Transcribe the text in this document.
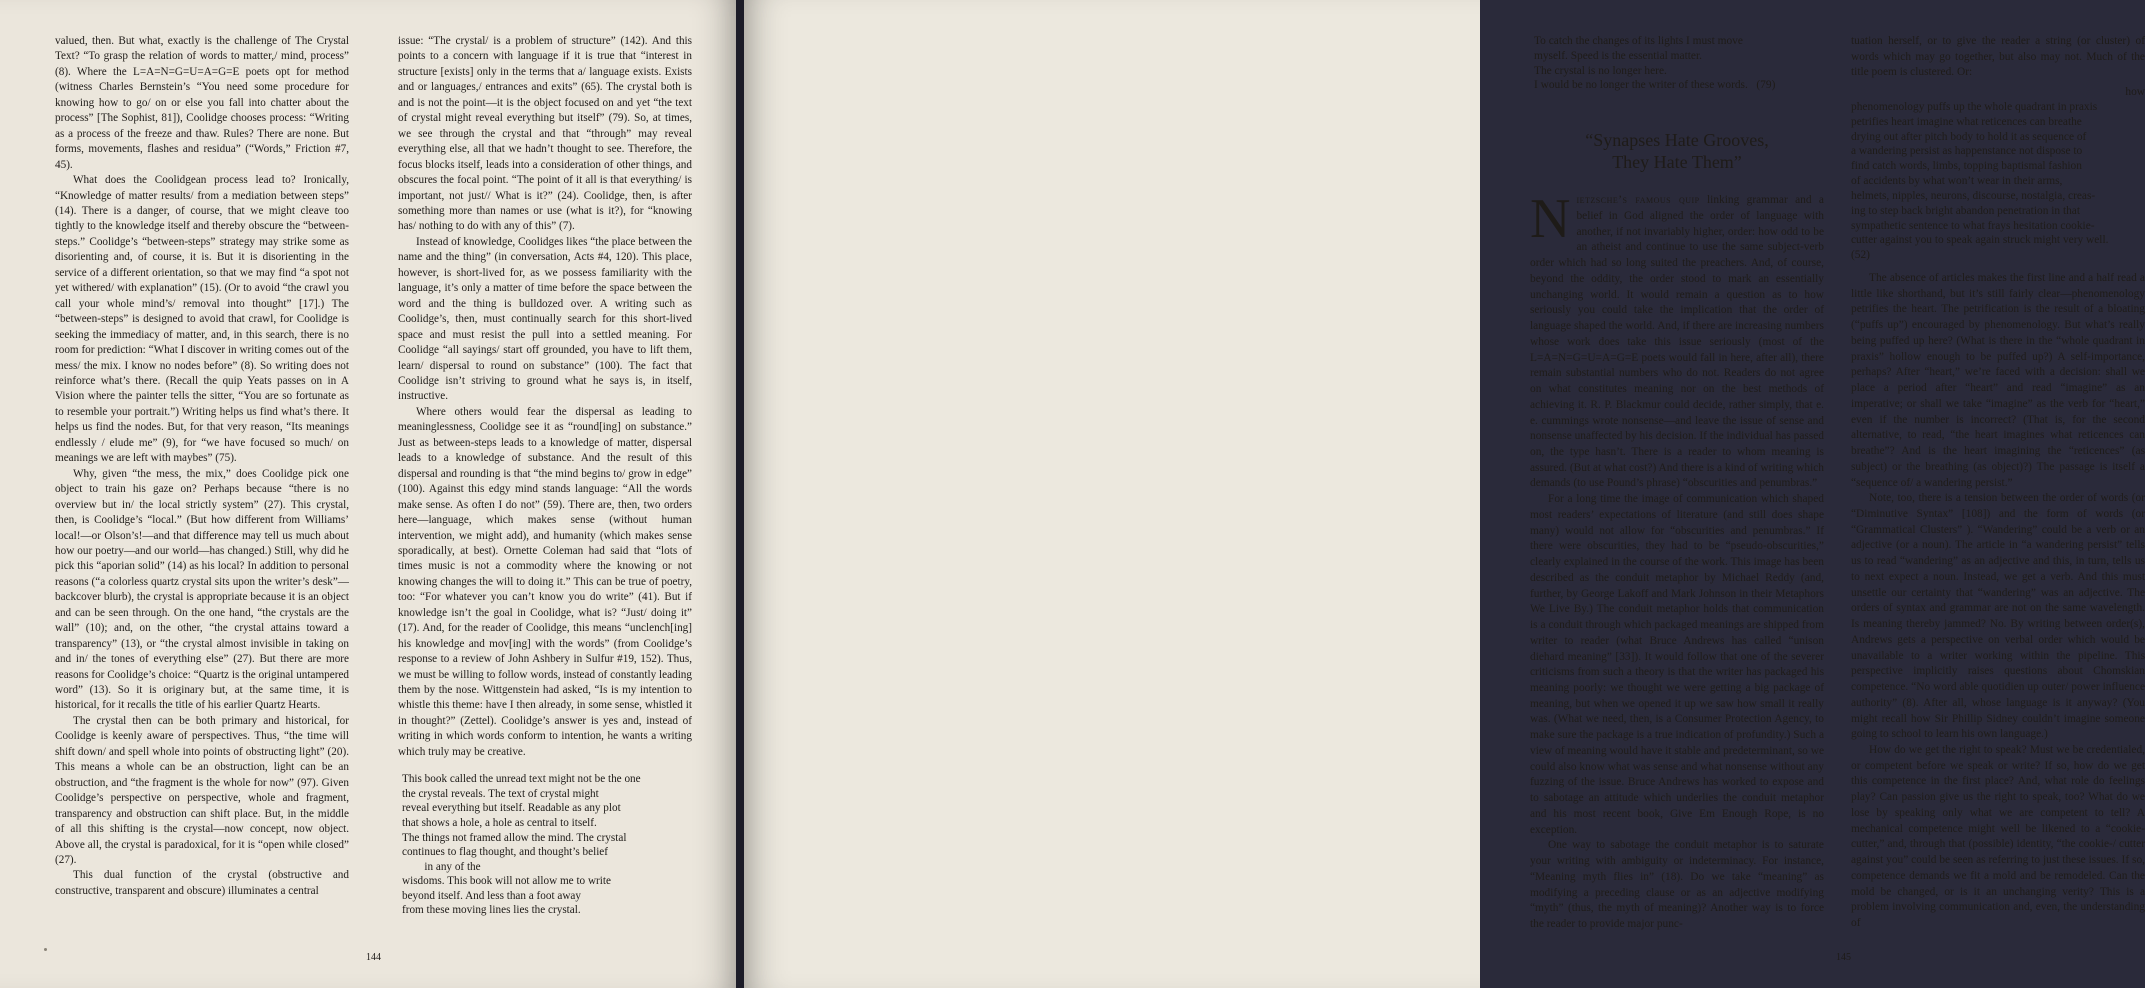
valued, then. But what, exactly is the challenge of The Crystal Text? “To grasp the relation of words to matter,/ mind, process” (8). Where the L=A=N=G=U=A=G=E poets opt for method (witness Charles Bernstein’s “You need some procedure for knowing how to go/ on or else you fall into chatter about the process” [The Sophist, 81]), Coolidge chooses process: “Writing as a process of the freeze and thaw. Rules? There are none. But forms, movements, flashes and residua” (“Words,” Friction #7, 45).

What does the Coolidgean process lead to? Ironically, “Knowledge of matter results/ from a mediation between steps” (14). There is a danger, of course, that we might cleave too tightly to the knowledge itself and thereby obscure the “between-steps.” Coolidge’s “between-steps” strategy may strike some as disorienting and, of course, it is. But it is disorienting in the service of a different orientation, so that we may find “a spot not yet withered/ with explanation” (15). (Or to avoid “the crawl you call your whole mind’s/ removal into thought” [17].) The “between-steps” is designed to avoid that crawl, for Coolidge is seeking the immediacy of matter, and, in this search, there is no room for prediction: “What I discover in writing comes out of the mess/ the mix. I know no nodes before” (8). So writing does not reinforce what’s there. (Recall the quip Yeats passes on in A Vision where the painter tells the sitter, “You are so fortunate as to resemble your portrait.”) Writing helps us find what’s there. It helps us find the nodes. But, for that very reason, “Its meanings endlessly / elude me” (9), for “we have focused so much/ on meanings we are left with maybes” (75).

Why, given “the mess, the mix,” does Coolidge pick one object to train his gaze on? Perhaps because “there is no overview but in/ the local strictly system” (27). This crystal, then, is Coolidge’s “local.” (But how different from Williams’ local!—or Olson’s!—and that difference may tell us much about how our poetry—and our world—has changed.) Still, why did he pick this “aporian solid” (14) as his local? In addition to personal reasons (“a colorless quartz crystal sits upon the writer’s desk”—backcover blurb), the crystal is appropriate because it is an object and can be seen through. On the one hand, “the crystals are the wall” (10); and, on the other, “the crystal attains toward a transparency” (13), or “the crystal almost invisible in taking on and in/ the tones of everything else” (27). But there are more reasons for Coolidge’s choice: “Quartz is the original untampered word” (13). So it is originary but, at the same time, it is historical, for it recalls the title of his earlier Quartz Hearts.

The crystal then can be both primary and historical, for Coolidge is keenly aware of perspectives. Thus, “the time will shift down/ and spell whole into points of obstructing light” (20). This means a whole can be an obstruction, light can be an obstruction, and “the fragment is the whole for now” (97). Given Coolidge’s perspective on perspective, whole and fragment, transparency and obstruction can shift place. But, in the middle of all this shifting is the crystal—now concept, now object. Above all, the crystal is paradoxical, for it is “open while closed” (27).

This dual function of the crystal (obstructive and constructive, transparent and obscure) illuminates a central

issue: “The crystal/ is a problem of structure” (142). And this points to a concern with language if it is true that “interest in structure [exists] only in the terms that a/ language exists. Exists and or languages,/ entrances and exits” (65). The crystal both is and is not the point—it is the object focused on and yet “the text of crystal might reveal everything but itself” (79). So, at times, we see through the crystal and that “through” may reveal everything else, all that we hadn’t thought to see. Therefore, the focus blocks itself, leads into a consideration of other things, and obscures the focal point. “The point of it all is that everything/ is important, not just// What is it?” (24). Coolidge, then, is after something more than names or use (what is it?), for “knowing has/ nothing to do with any of this” (7).

Instead of knowledge, Coolidges likes “the place between the name and the thing” (in conversation, Acts #4, 120). This place, however, is short-lived for, as we possess familiarity with the language, it’s only a matter of time before the space between the word and the thing is bulldozed over. A writing such as Coolidge’s, then, must continually search for this short-lived space and must resist the pull into a settled meaning. For Coolidge “all sayings/ start off grounded, you have to lift them, learn/ dispersal to round on substance” (100). The fact that Coolidge isn’t striving to ground what he says is, in itself, instructive.

Where others would fear the dispersal as leading to meaninglessness, Coolidge see it as “round[ing] on substance.” Just as between-steps leads to a knowledge of matter, dispersal leads to a knowledge of substance. And the result of this dispersal and rounding is that “the mind begins to/ grow in edge” (100). Against this edgy mind stands language: “All the words make sense. As often I do not” (59). There are, then, two orders here—language, which makes sense (without human intervention, we might add), and humanity (which makes sense sporadically, at best). Ornette Coleman had said that “lots of times music is not a commodity where the knowing or not knowing changes the will to doing it.” This can be true of poetry, too: “For whatever you can’t know you do write” (41). But if knowledge isn’t the goal in Coolidge, what is? “Just/ doing it” (17). And, for the reader of Coolidge, this means “unclench[ing] his knowledge and mov[ing] with the words” (from Coolidge’s response to a review of John Ashbery in Sulfur #19, 152). Thus, we must be willing to follow words, instead of constantly leading them by the nose. Wittgenstein had asked, “Is is my intention to whistle this theme: have I then already, in some sense, whistled it in thought?” (Zettel). Coolidge’s answer is yes and, instead of writing in which words conform to intention, he wants a writing which truly may be creative.

This book called the unread text might not be the one
the crystal reveals. The text of crystal might
reveal everything but itself. Readable as any plot
that shows a hole, a hole as central to itself.
The things not framed allow the mind. The crystal
continues to flag thought, and thought’s belief
in any of the
wisdoms. This book will not allow me to write
beyond itself. And less than a foot away
from these moving lines lies the crystal.
144
To catch the changes of its lights I must move
myself. Speed is the essential matter.
The crystal is no longer here.
I would be no longer the writer of these words.   (79)
“Synapses Hate Grooves,
They Hate Them”

Nietzsche’s famous quip linking grammar and a belief in God aligned the order of language with another, if not invariably higher, order: how odd to be an atheist and continue to use the same subject-verb order which had so long suited the preachers. And, of course, beyond the oddity, the order stood to mark an essentially unchanging world. It would remain a question as to how seriously you could take the implication that the order of language shaped the world. And, if there are increasing numbers whose work does take this issue seriously (most of the L=A=N=G=U=A=G=E poets would fall in here, after all), there remain substantial numbers who do not. Readers do not agree on what constitutes meaning nor on the best methods of achieving it. R. P. Blackmur could decide, rather simply, that e. e. cummings wrote nonsense—and leave the issue of sense and nonsense unaffected by his decision. If the individual has passed on, the type hasn’t. There is a reader to whom meaning is assured. (But at what cost?) And there is a kind of writing which demands (to use Pound’s phrase) “obscurities and penumbras.”

For a long time the image of communication which shaped most readers’ expectations of literature (and still does shape many) would not allow for “obscurities and penumbras.” If there were obscurities, they had to be “pseudo-obscurities,” clearly explained in the course of the work. This image has been described as the conduit metaphor by Michael Reddy (and, further, by George Lakoff and Mark Johnson in their Metaphors We Live By.) The conduit metaphor holds that communication is a conduit through which packaged meanings are shipped from writer to reader (what Bruce Andrews has called “unison diehard meaning” [33]). It would follow that one of the severer criticisms from such a theory is that the writer has packaged his meaning poorly: we thought we were getting a big package of meaning, but when we opened it up we saw how small it really was. (What we need, then, is a Consumer Protection Agency, to make sure the package is a true indication of profundity.) Such a view of meaning would have it stable and predeterminant, so we could also know what was sense and what nonsense without any fuzzing of the issue. Bruce Andrews has worked to expose and to sabotage an attitude which underlies the conduit metaphor and his most recent book, Give Em Enough Rope, is no exception.

One way to sabotage the conduit metaphor is to saturate your writing with ambiguity or indeterminacy. For instance, “Meaning myth flies in” (18). Do we take “meaning” as modifying a preceding clause or as an adjective modifying “myth” (thus, the myth of meaning)? Another way is to force the reader to provide major punc-

tuation herself, or to give the reader a string (or cluster) of words which may go together, but also may not. Much of the title poem is clustered. Or:

how
phenomenology puffs up the whole quadrant in praxis
petrifies heart imagine what reticences can breathe
drying out after pitch body to hold it as sequence of
a wandering persist as happenstance not dispose to
find catch words, limbs, topping baptismal fashion
of accidents by what won’t wear in their arms,
helmets, nipples, neurons, discourse, nostalgia, creas-
ing to step back bright abandon penetration in that
sympathetic sentence to what frays hesitation cookie-
cutter against you to speak again struck might very well.
(52)

The absence of articles makes the first line and a half read a little like shorthand, but it’s still fairly clear—phenomenology petrifies the heart. The petrification is the result of a bloating (“puffs up”) encouraged by phenomenology. But what’s really being puffed up here? (What is there in the “whole quadrant in praxis” hollow enough to be puffed up?) A self-importance, perhaps? After “heart,” we’re faced with a decision: shall we place a period after “heart” and read “imagine” as an imperative; or shall we take “imagine” as the verb for “heart,” even if the number is incorrect? (That is, for the second alternative, to read, “the heart imagines what reticences can breathe”? And is the heart imagining the “reticences” (as subject) or the breathing (as object)?) The passage is itself a “sequence of/ a wandering persist.”

Note, too, there is a tension between the order of words (or “Diminutive Syntax” [108]) and the form of words (or “Grammatical Clusters” ). “Wandering” could be a verb or an adjective (or a noun). The article in “a wandering persist” tells us to read “wandering” as an adjective and this, in turn, tells us to next expect a noun. Instead, we get a verb. And this must unsettle our certainty that “wandering” was an adjective. The orders of syntax and grammar are not on the same wavelength. Is meaning thereby jammed? No. By writing between order(s), Andrews gets a perspective on verbal order which would be unavailable to a writer working within the pipeline. This perspective implicitly raises questions about Chomskian competence. “No word able quotidien up outer/ power influence authority” (8). After all, whose language is it anyway? (You might recall how Sir Phillip Sidney couldn’t imagine someone going to school to learn his own language.)

How do we get the right to speak? Must we be credentialed, or competent before we speak or write? If so, how do we get this competence in the first place? And, what role do feelings play? Can passion give us the right to speak, too? What do we lose by speaking only what we are competent to tell? A mechanical competence might well be likened to a “cookie-cutter,” and, through that (possible) identity, “the cookie-/ cutter against you” could be seen as referring to just these issues. If so, competence demands we fit a mold and be remodeled. Can the mold be changed, or is it an unchanging verity? This is a problem involving communication and, even, the understanding of

145
